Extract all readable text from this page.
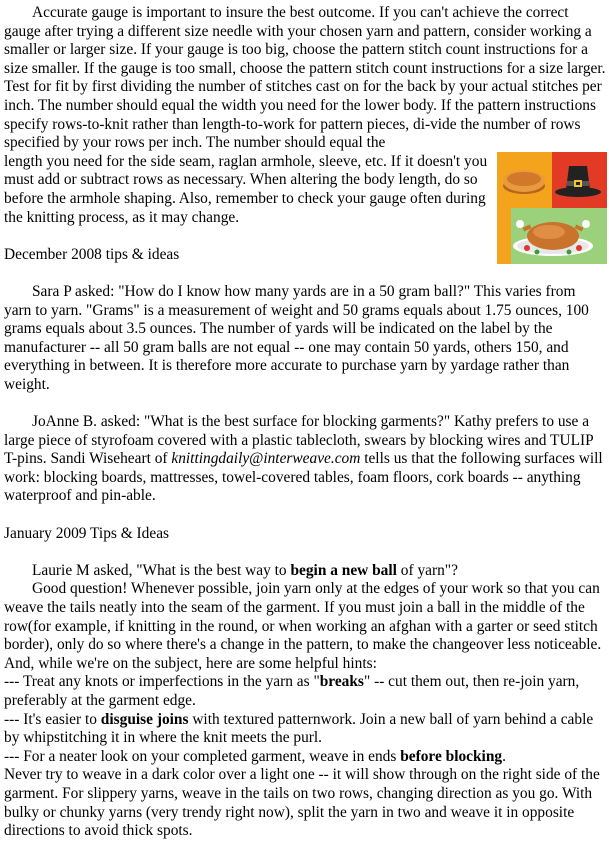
Accurate gauge is important to insure the best outcome. If you can't achieve the correct gauge after trying a different size needle with your chosen yarn and pattern, consider working a smaller or larger size. If your gauge is too big, choose the pattern stitch count instructions for a size smaller. If the gauge is too small, choose the pattern stitch count instructions for a size larger. Test for fit by first dividing the number of stitches cast on for the back by your actual stitches per inch. The number should equal the width you need for the lower body. If the pattern instructions specify rows-to-knit rather than length-to-work for pattern pieces, di-vide the number of rows specified by your rows per inch. The number should equal the

length you need for the side seam, raglan armhole, sleeve, etc. If it doesn't you must add or subtract rows as necessary. When altering the body length, do so before the armhole shaping. Also, remember to check your gauge often during the knitting process, as it may change.

December 2008 tips & ideas

Sara P asked: "How do I know how many yards are in a 50 gram ball?" This varies from yarn to yarn. "Grams" is a measurement of weight and 50 grams equals about 1.75 ounces, 100 grams equals about 3.5 ounces. The number of yards will be indicated on the label by the manufacturer -- all 50 gram balls are not equal -- one may contain 50 yards, others 150, and everything in between. It is therefore more accurate to purchase yarn by yardage rather than weight.

JoAnne B. asked: "What is the best surface for blocking garments?" Kathy prefers to use a large piece of styrofoam covered with a plastic tablecloth, swears by blocking wires and TULIP T-pins. Sandi Wiseheart of knittingdaily@interweave.com tells us that the following surfaces will work: blocking boards, mattresses, towel-covered tables, foam floors, cork boards -- anything waterproof and pin-able.

January 2009 Tips & Ideas

Laurie M asked, "What is the best way to begin a new ball of yarn"?

Good question! Whenever possible, join yarn only at the edges of your work so that you can weave the tails neatly into the seam of the garment. If you must join a ball in the middle of the row(for example, if knitting in the round, or when working an afghan with a garter or seed stitch border), only do so where there's a change in the pattern, to make the changeover less noticeable. And, while we're on the subject, here are some helpful hints:

--- Treat any knots or imperfections in the yarn as "breaks" -- cut them out, then re-join yarn, preferably at the garment edge.

--- It's easier to disguise joins with textured patternwork. Join a new ball of yarn behind a cable by whipstitching it in where the knit meets the purl.

--- For a neater look on your completed garment, weave in ends before blocking.

Never try to weave in a dark color over a light one -- it will show through on the right side of the garment. For slippery yarns, weave in the tails on two rows, changing direction as you go. With bulky or chunky yarns (very trendy right now), split the yarn in two and weave it in opposite directions to avoid thick spots.
